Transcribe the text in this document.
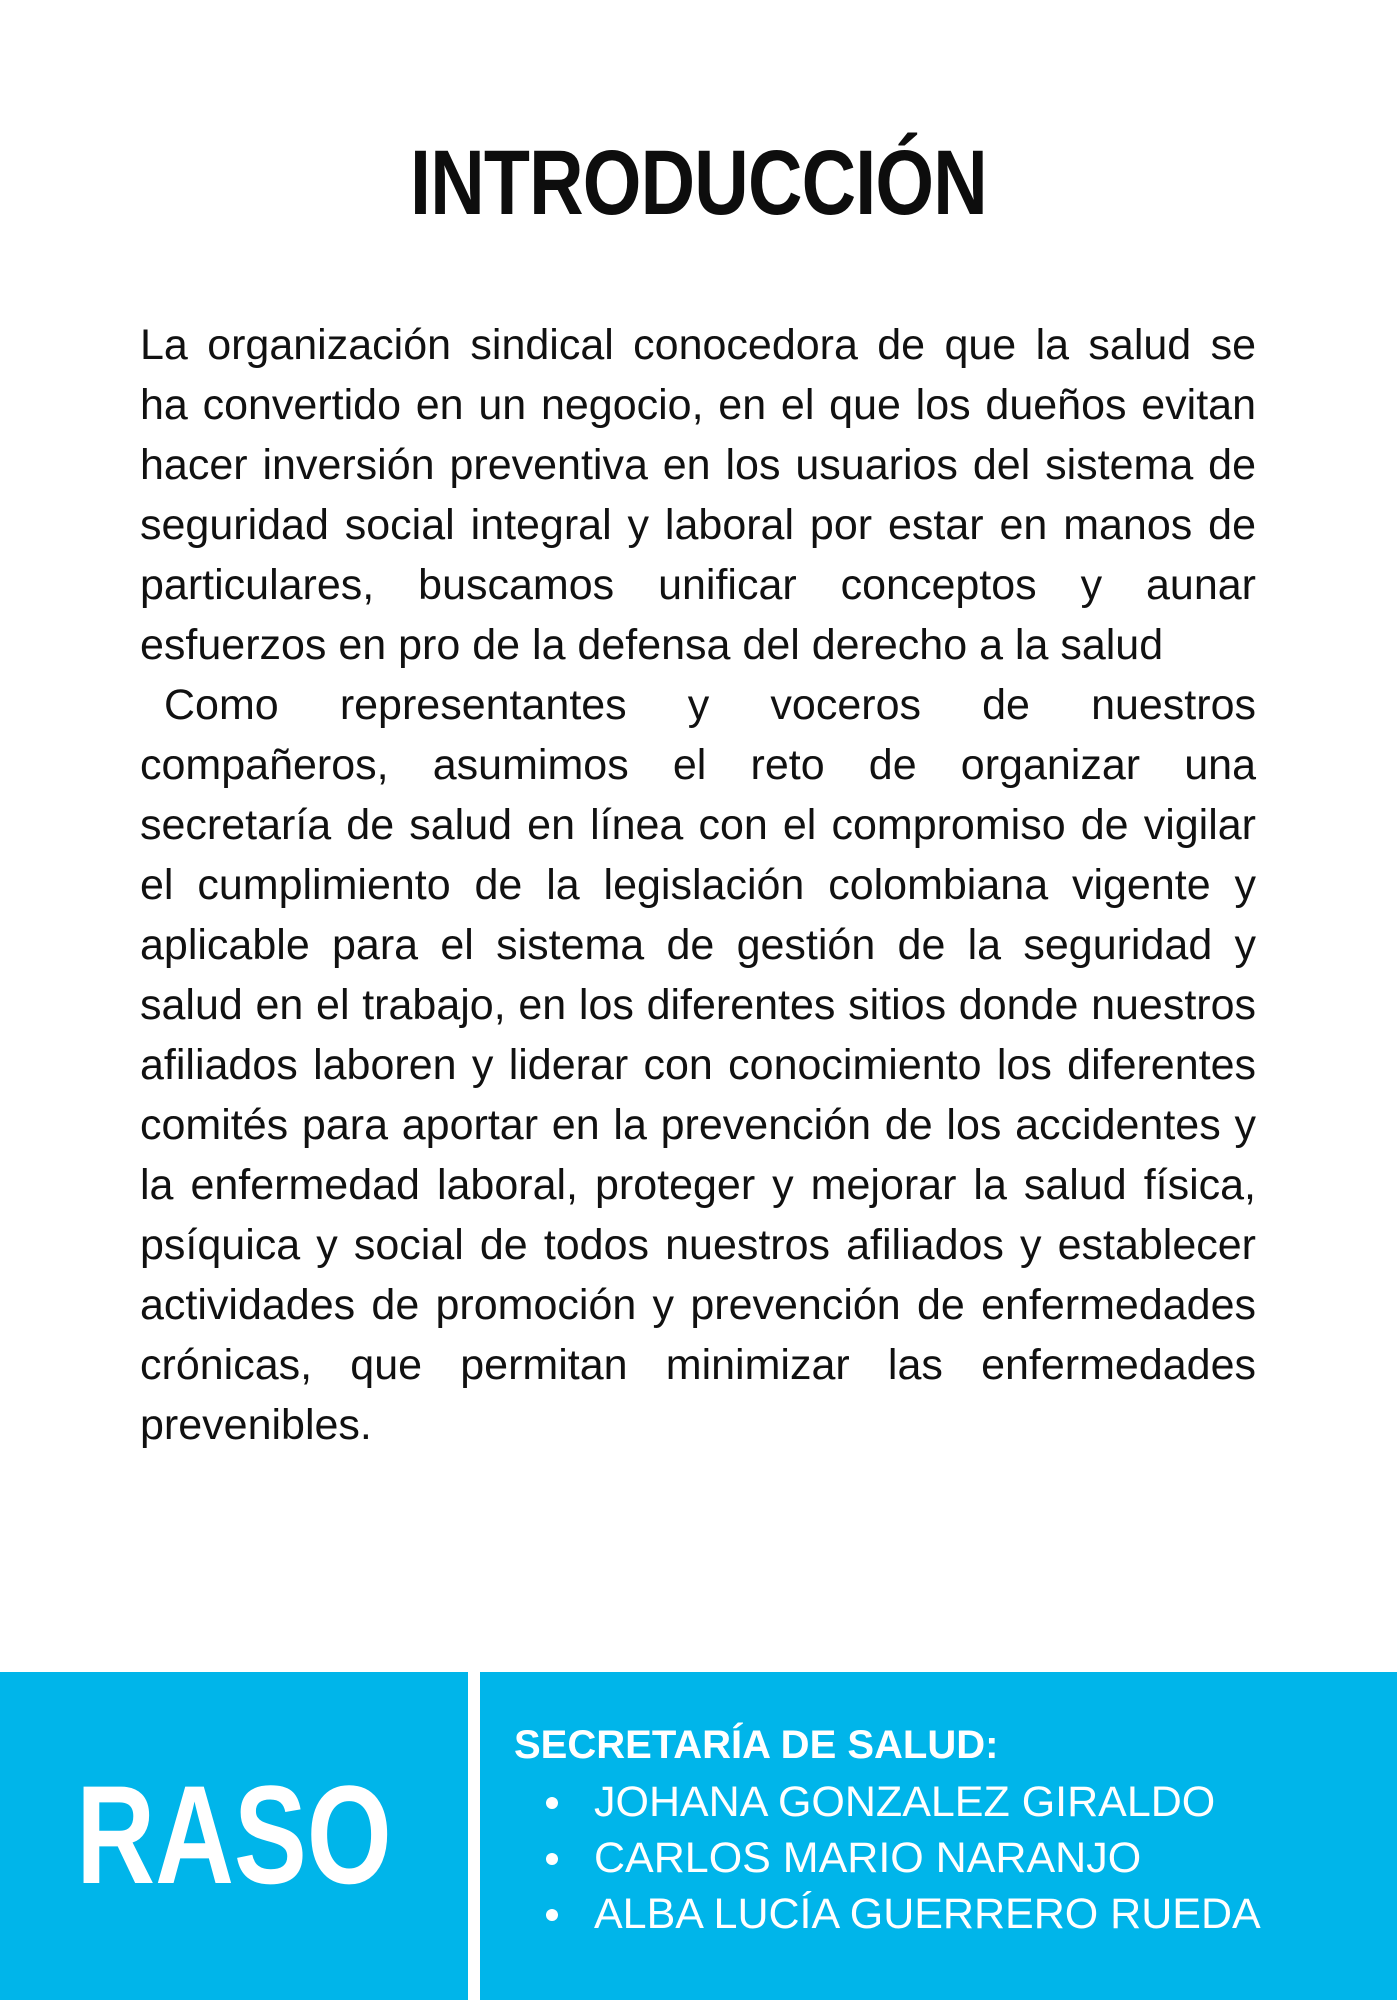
INTRODUCCIÓN

La organización sindical conocedora de que la salud se ha convertido en un negocio, en el que los dueños evitan hacer inversión preventiva en los usuarios del sistema de seguridad social integral y laboral por estar en manos de particulares, buscamos unificar conceptos y aunar esfuerzos en pro de la defensa del derecho a la salud

Como representantes y voceros de nuestros compañeros, asumimos el reto de organizar una secretaría de salud en línea con el compromiso de vigilar el cumplimiento de la legislación colombiana vigente y aplicable para el sistema de gestión de la seguridad y salud en el trabajo, en los diferentes sitios donde nuestros afiliados laboren y liderar con conocimiento los diferentes comités para aportar en la prevención de los accidentes y la enfermedad laboral, proteger y mejorar la salud física, psíquica y social de todos nuestros afiliados y establecer actividades de promoción y prevención de enfermedades crónicas, que permitan minimizar las enfermedades prevenibles.

RASO
SECRETARÍA DE SALUD:
JOHANA GONZALEZ GIRALDO
CARLOS MARIO NARANJO
ALBA LUCÍA GUERRERO RUEDA
